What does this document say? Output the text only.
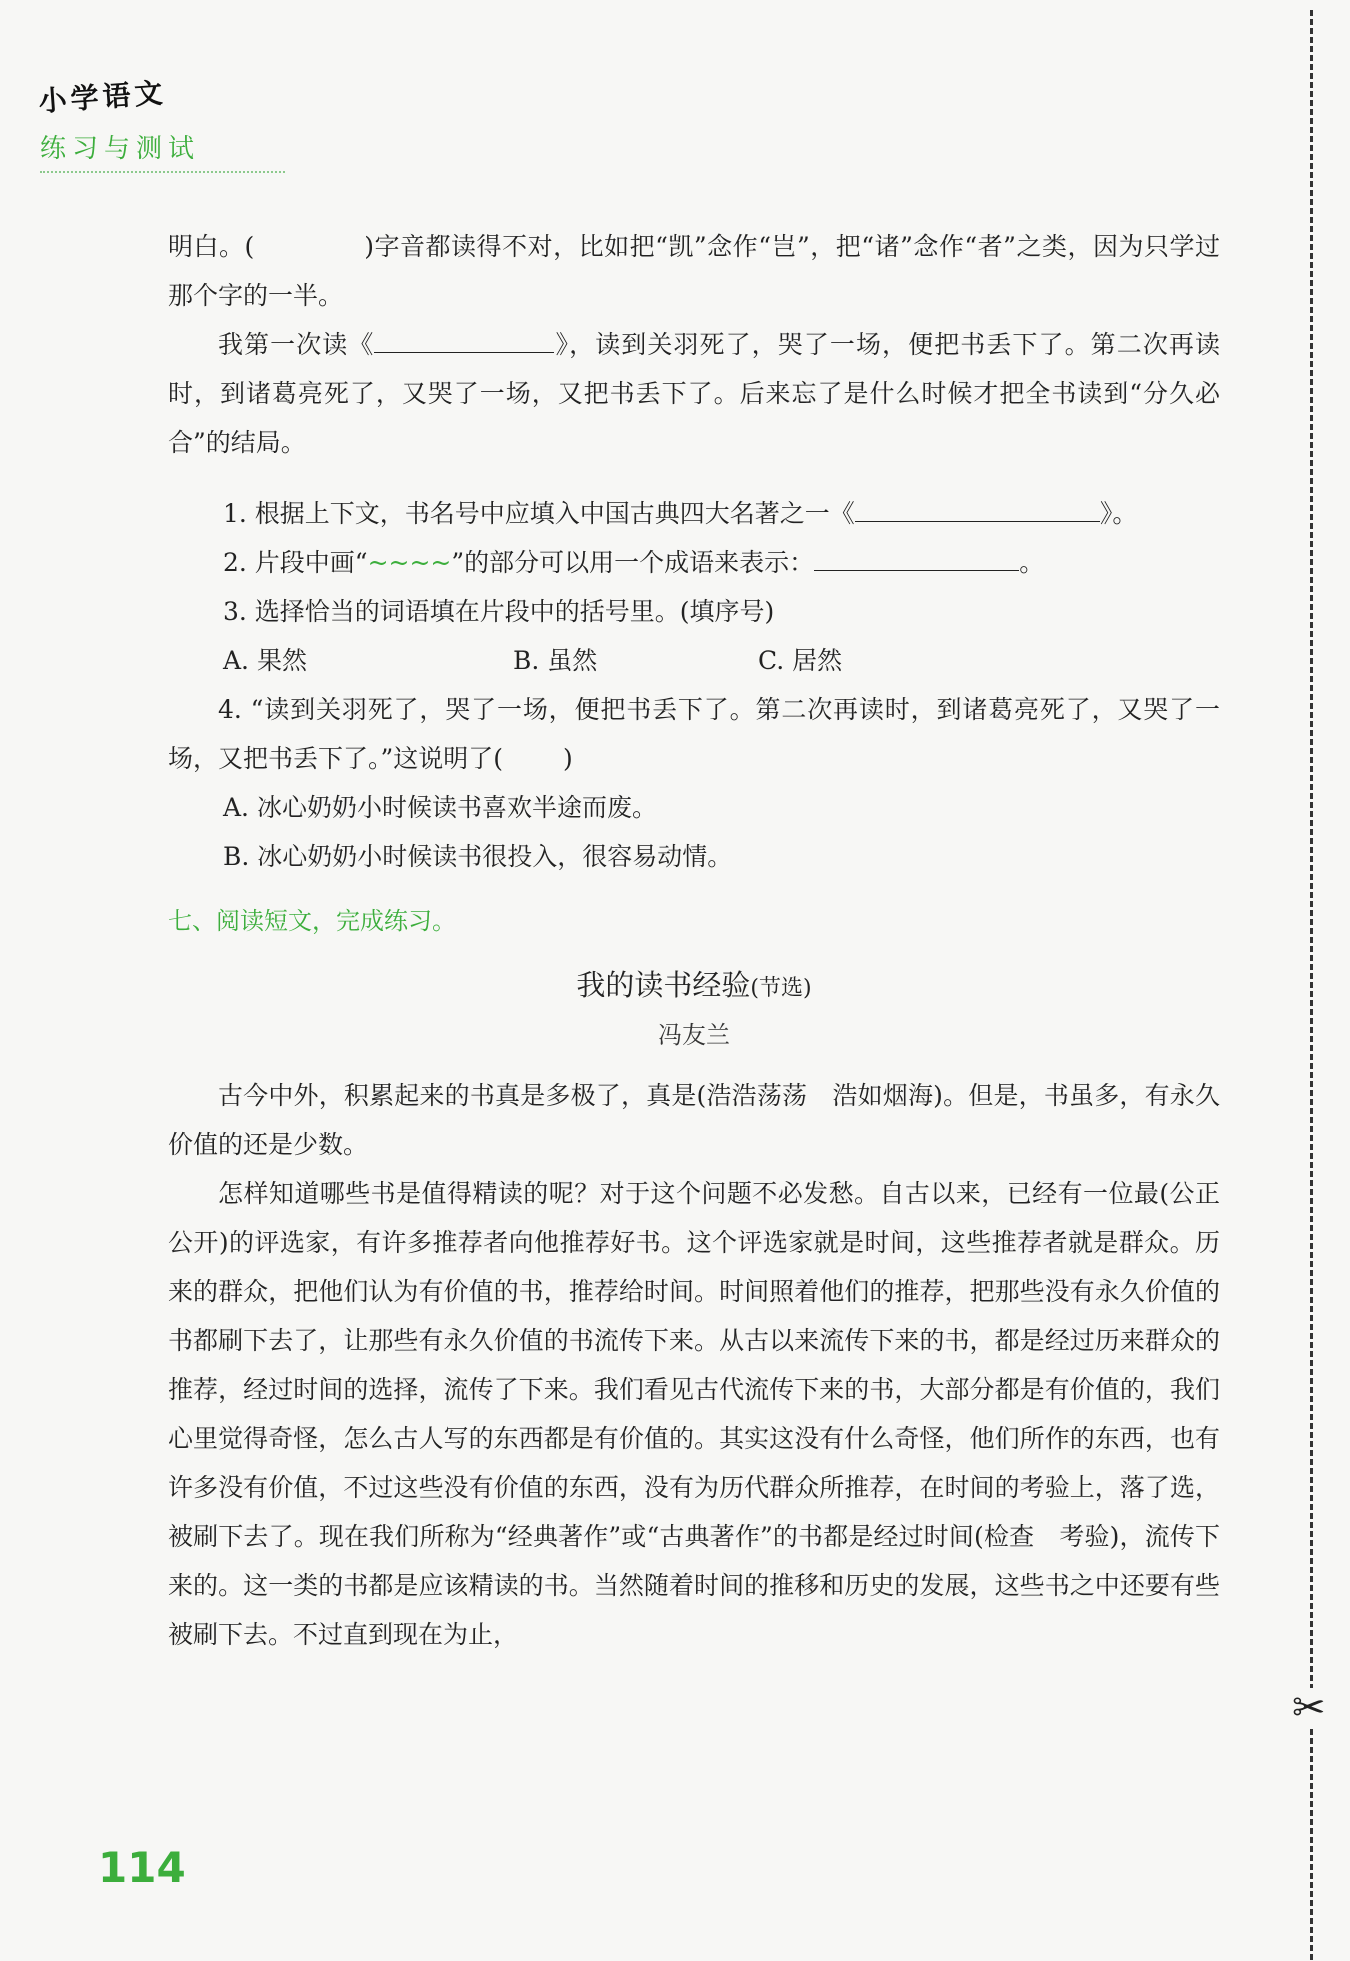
小学语文
练习与测试
✂

明白。(	)字音都读得不对，比如把“凯”念作“岂”，把“诸”念作“者”之类，因为只学过那个字的一半。

我第一次读《	》，读到关羽死了，哭了一场，便把书丢下了。第二次再读时，到诸葛亮死了，又哭了一场，又把书丢下了。后来忘了是什么时候才把全书读到“分久必合”的结局。

1. 根据上下文，书名号中应填入中国古典四大名著之一《	》。

2. 片段中画“~~~~”的部分可以用一个成语来表示：	。

3. 选择恰当的词语填在片段中的括号里。(填序号)

A. 果然	B. 虽然	C. 居然

4. “读到关羽死了，哭了一场，便把书丢下了。第二次再读时，到诸葛亮死了，又哭了一场，又把书丢下了。”这说明了( )

A. 冰心奶奶小时候读书喜欢半途而废。

B. 冰心奶奶小时候读书很投入，很容易动情。

七、阅读短文，完成练习。
我的读书经验(节选)
冯友兰

古今中外，积累起来的书真是多极了，真是(浩浩荡荡　浩如烟海)。但是，书虽多，有永久价值的还是少数。

怎样知道哪些书是值得精读的呢？对于这个问题不必发愁。自古以来，已经有一位最(公正　公开)的评选家，有许多推荐者向他推荐好书。这个评选家就是时间，这些推荐者就是群众。历来的群众，把他们认为有价值的书，推荐给时间。时间照着他们的推荐，把那些没有永久价值的书都刷下去了，让那些有永久价值的书流传下来。从古以来流传下来的书，都是经过历来群众的推荐，经过时间的选择，流传了下来。我们看见古代流传下来的书，大部分都是有价值的，我们心里觉得奇怪，怎么古人写的东西都是有价值的。其实这没有什么奇怪，他们所作的东西，也有许多没有价值，不过这些没有价值的东西，没有为历代群众所推荐，在时间的考验上，落了选，被刷下去了。现在我们所称为“经典著作”或“古典著作”的书都是经过时间(检查　考验)，流传下来的。这一类的书都是应该精读的书。当然随着时间的推移和历史的发展，这些书之中还要有些被刷下去。不过直到现在为止，

114
